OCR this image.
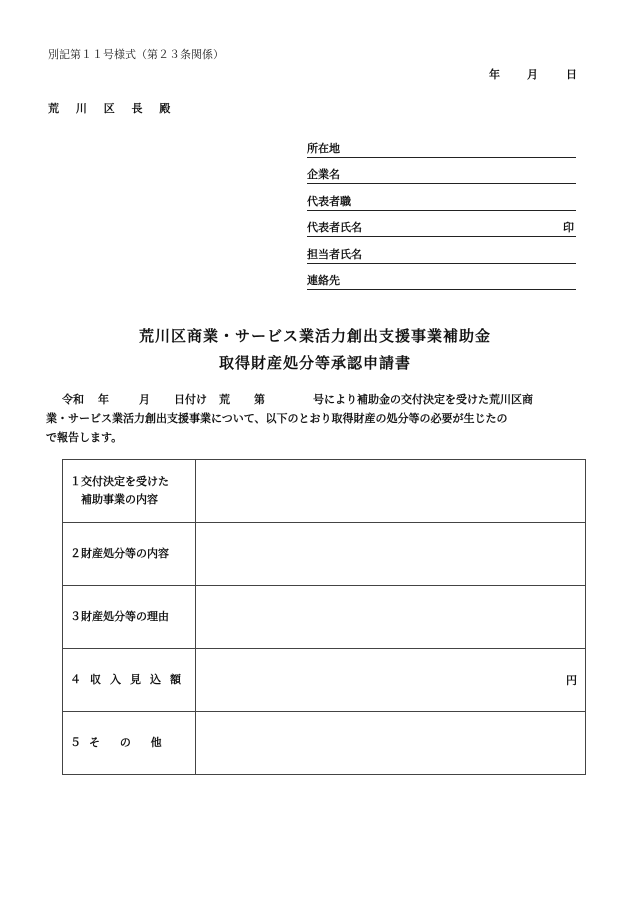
別記第１１号様式（第２３条関係）
年 月	日
荒 川 区 長 殿
所在地
企業名
代表者職
代表者氏名	印
担当者氏名
連絡先
荒川区商業・サービス業活力創出支援事業補助金
取得財産処分等承認申請書
令和 年	月 日付け 荒 第	号により補助金の交付決定を受けた荒川区商
業・サービス業活力創出支援事業について、以下のとおり取得財産の処分等の必要が生じたの
で報告します。
１交付決定を受けた
補助事業の内容	

２財産処分等の内容	
３財産処分等の理由	
４収入見込額	円
５そ の 他	
